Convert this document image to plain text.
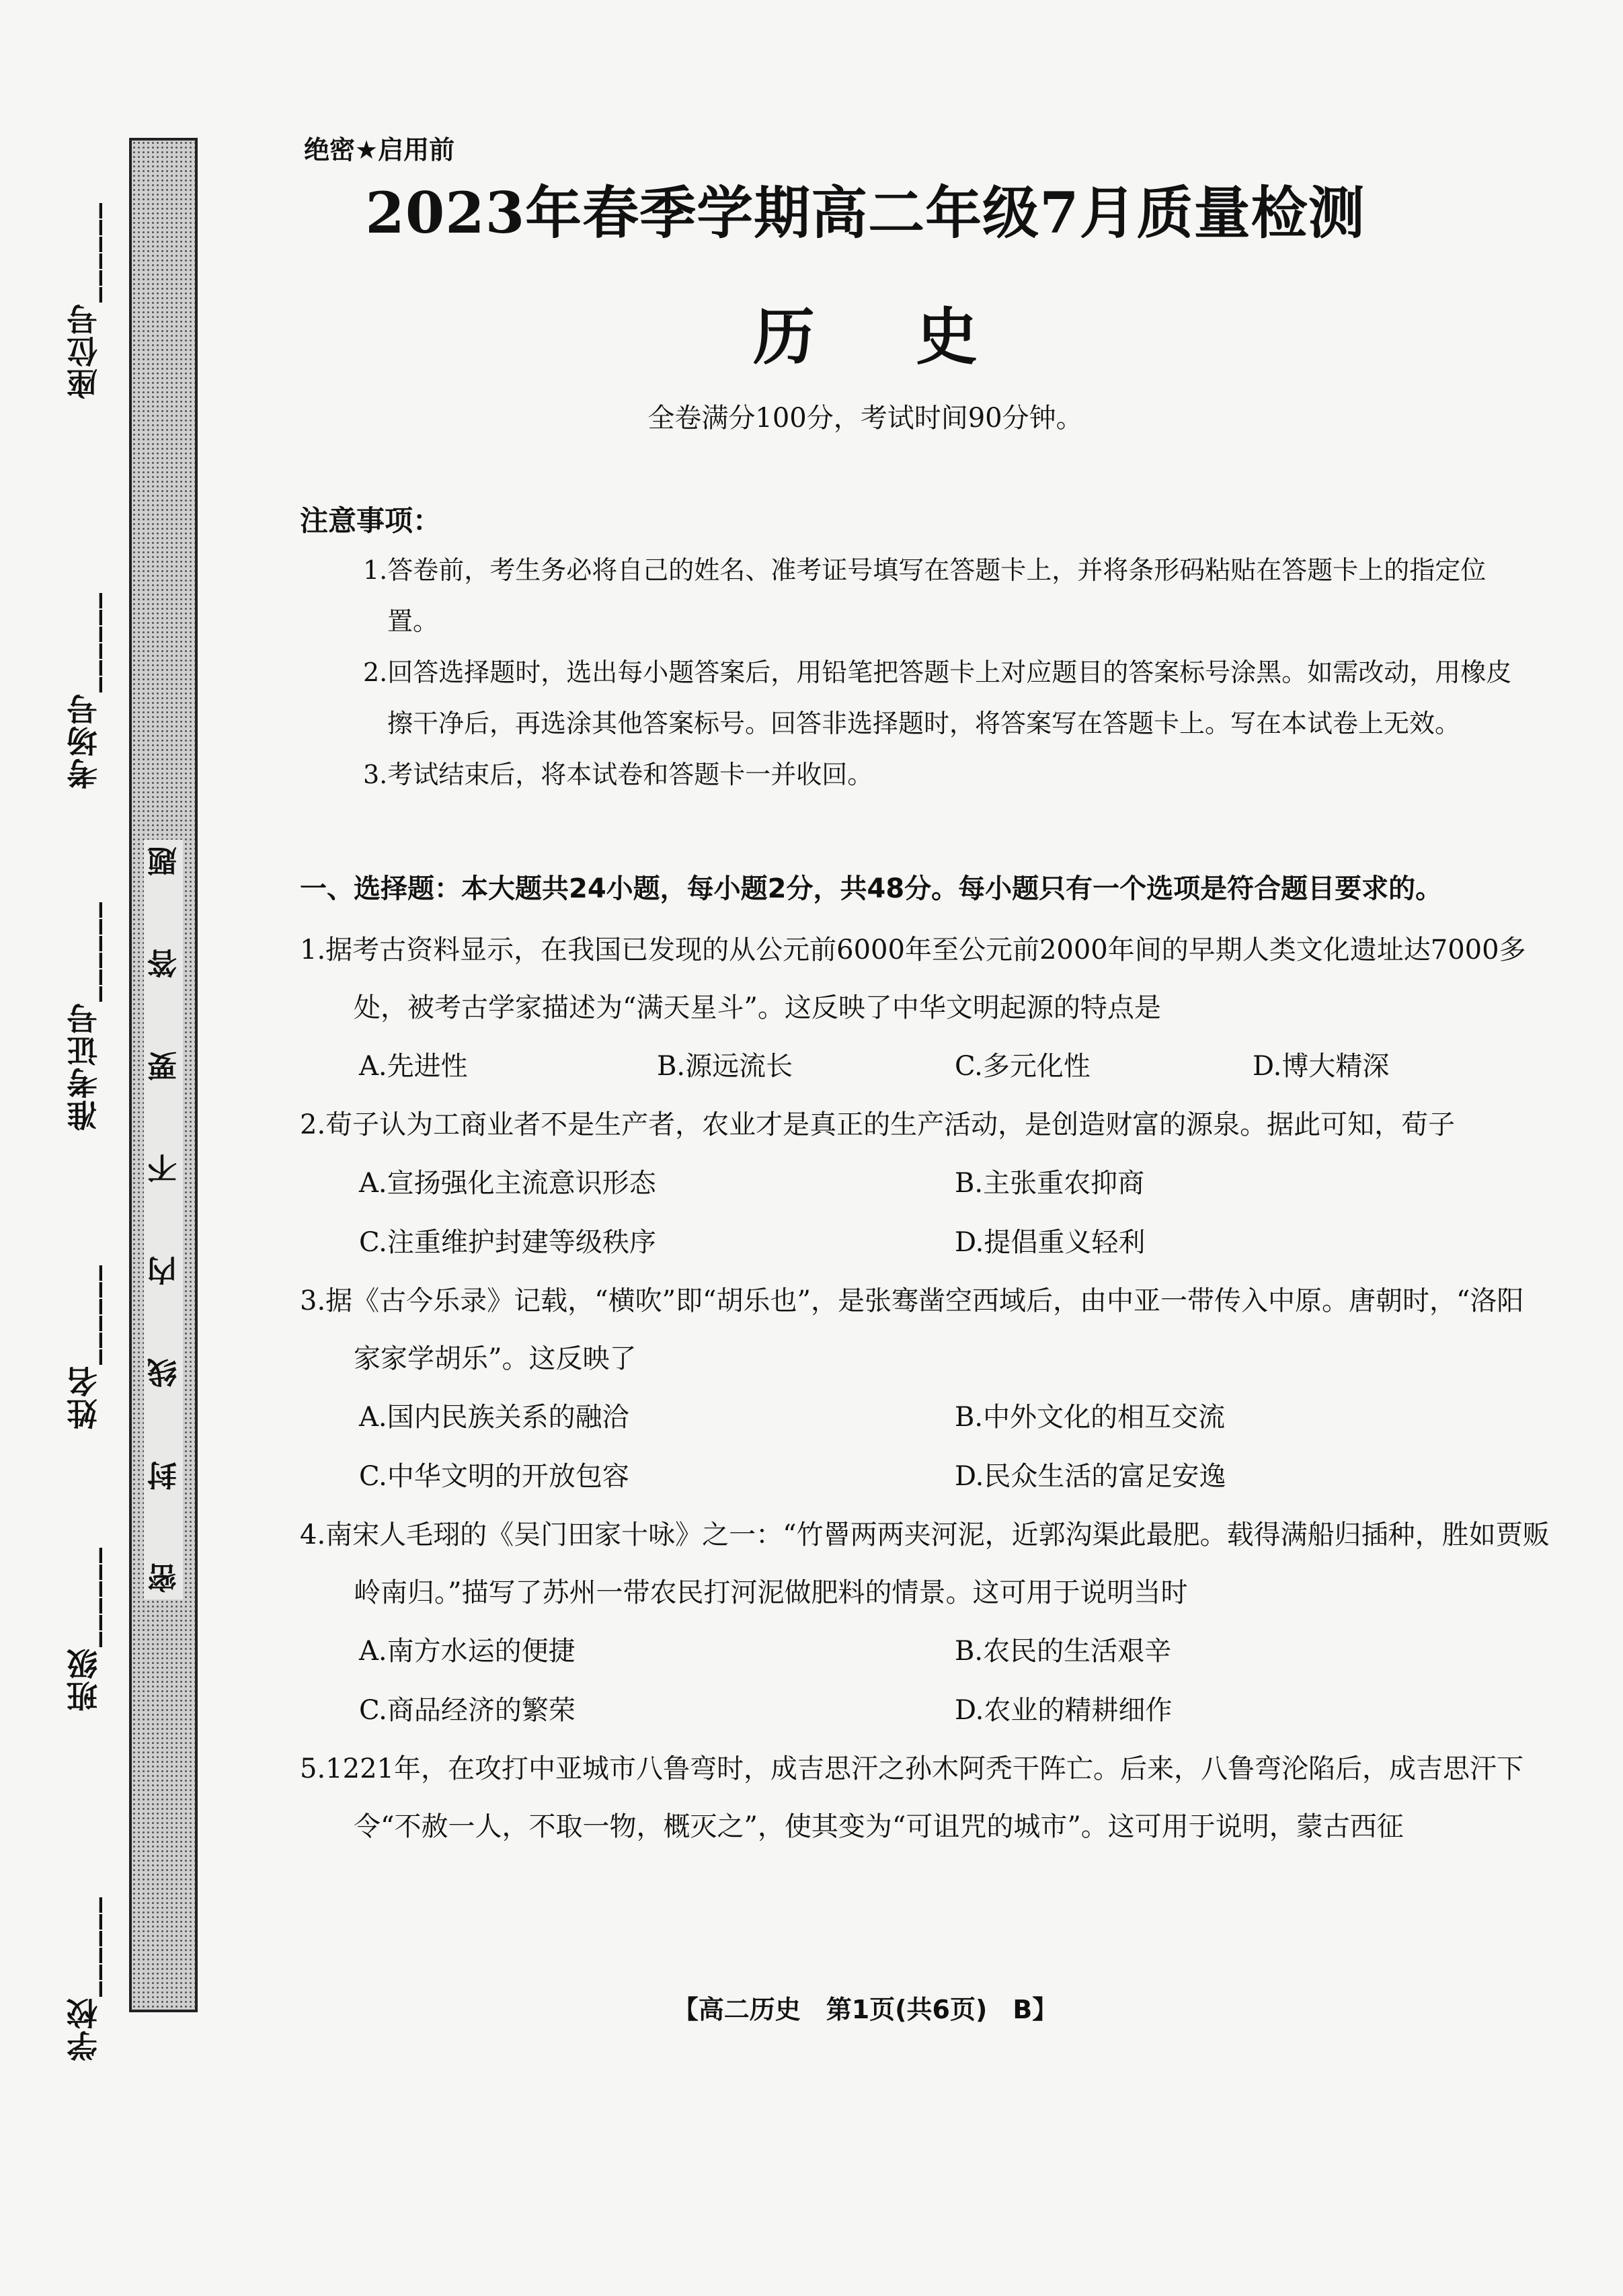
学校
______
班级______
姓名______
准考证号______
考场号______
座位号______
密
封
线
内
不
要
答
题
绝密★启用前
2023年春季学期高二年级7月质量检测
历史
全卷满分100分，考试时间90分钟。
注意事项：
1.答卷前，考生务必将自己的姓名、准考证号填写在答题卡上，并将条形码粘贴在答题卡上的指定位置。
2.回答选择题时，选出每小题答案后，用铅笔把答题卡上对应题目的答案标号涂黑。如需改动，用橡皮擦干净后，再选涂其他答案标号。回答非选择题时，将答案写在答题卡上。写在本试卷上无效。
3.考试结束后，将本试卷和答题卡一并收回。
一、选择题：本大题共24小题，每小题2分，共48分。每小题只有一个选项是符合题目要求的。

1.据考古资料显示，在我国已发现的从公元前6000年至公元前2000年间的早期人类文化遗址达7000多处，被考古学家描述为“满天星斗”。这反映了中华文明起源的特点是

A.先进性	B.源远流长	C.多元化性	D.博大精深

2.荀子认为工商业者不是生产者，农业才是真正的生产活动，是创造财富的源泉。据此可知，荀子

A.宣扬强化主流意识形态	B.主张重农抑商
C.注重维护封建等级秩序	D.提倡重义轻利

3.据《古今乐录》记载，“横吹”即“胡乐也”，是张骞凿空西域后，由中亚一带传入中原。唐朝时，“洛阳家家学胡乐”。这反映了

A.国内民族关系的融洽	B.中外文化的相互交流
C.中华文明的开放包容	D.民众生活的富足安逸

4.南宋人毛珝的《吴门田家十咏》之一：“竹罾两两夹河泥，近郭沟渠此最肥。载得满船归插种，胜如贾贩岭南归。”描写了苏州一带农民打河泥做肥料的情景。这可用于说明当时

A.南方水运的便捷	B.农民的生活艰辛
C.商品经济的繁荣	D.农业的精耕细作

5.1221年，在攻打中亚城市八鲁弯时，成吉思汗之孙木阿秃干阵亡。后来，八鲁弯沦陷后，成吉思汗下令“不赦一人，不取一物，概灭之”，使其变为“可诅咒的城市”。这可用于说明，蒙古西征

【高二历史　第1页(共6页)　B】
